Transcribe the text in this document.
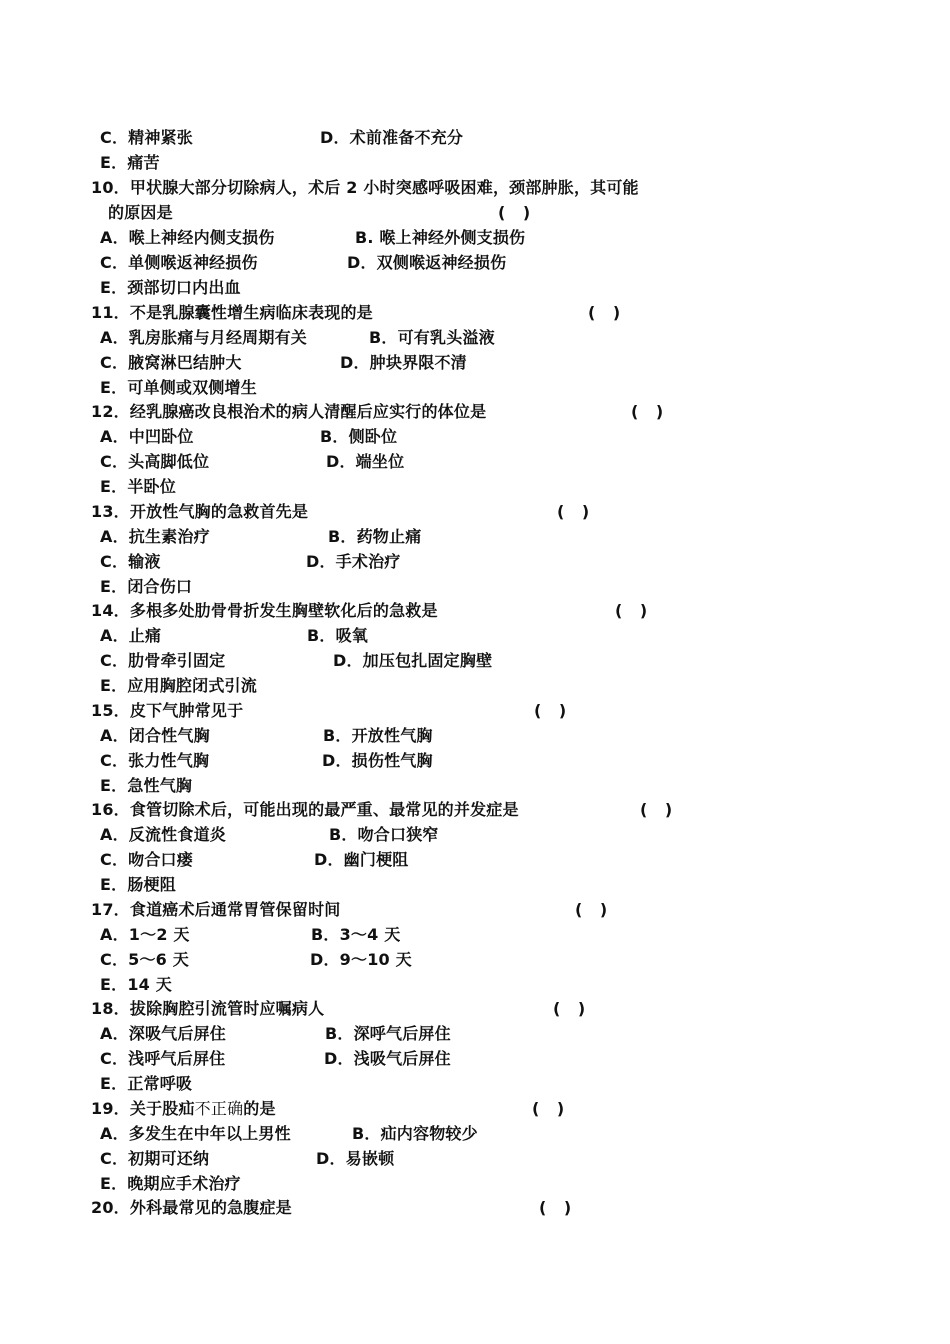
C．精神紧张	D．术前准备不充分
E．痛苦
10．甲状腺大部分切除病人，术后 2 小时突感呼吸困难，颈部肿胀，其可能
的原因是	( )
A．喉上神经内侧支损伤	B. 喉上神经外侧支损伤
C．单侧喉返神经损伤	D．双侧喉返神经损伤
E．颈部切口内出血
11．不是乳腺囊性增生病临床表现的是	( )
A．乳房胀痛与月经周期有关	B．可有乳头溢液
C．腋窝淋巴结肿大	D．肿块界限不清
E．可单侧或双侧增生
12．经乳腺癌改良根治术的病人清醒后应实行的体位是	( )
A．中凹卧位	B．侧卧位
C．头高脚低位	D．端坐位
E．半卧位
13．开放性气胸的急救首先是	( )
A．抗生素治疗	B．药物止痛
C．输液	D．手术治疗
E．闭合伤口
14．多根多处肋骨骨折发生胸壁软化后的急救是	( )
A．止痛	B．吸氧
C．肋骨牵引固定	D．加压包扎固定胸壁
E．应用胸腔闭式引流
15．皮下气肿常见于	( )
A．闭合性气胸	B．开放性气胸
C．张力性气胸	D．损伤性气胸
E．急性气胸
16．食管切除术后，可能出现的最严重、最常见的并发症是	( )
A．反流性食道炎	B．吻合口狭窄
C．吻合口瘘	D．幽门梗阻
E．肠梗阻
17．食道癌术后通常胃管保留时间	( )
A．1～2 天	B．3～4 天
C．5～6 天	D．9～10 天
E．14 天
18．拔除胸腔引流管时应嘱病人	( )
A．深吸气后屏住	B．深呼气后屏住
C．浅呼气后屏住	D．浅吸气后屏住
E．正常呼吸
19．关于股疝不正确的是	( )
A．多发生在中年以上男性	B．疝内容物较少
C．初期可还纳	D．易嵌顿
E．晚期应手术治疗
20．外科最常见的急腹症是	( )
